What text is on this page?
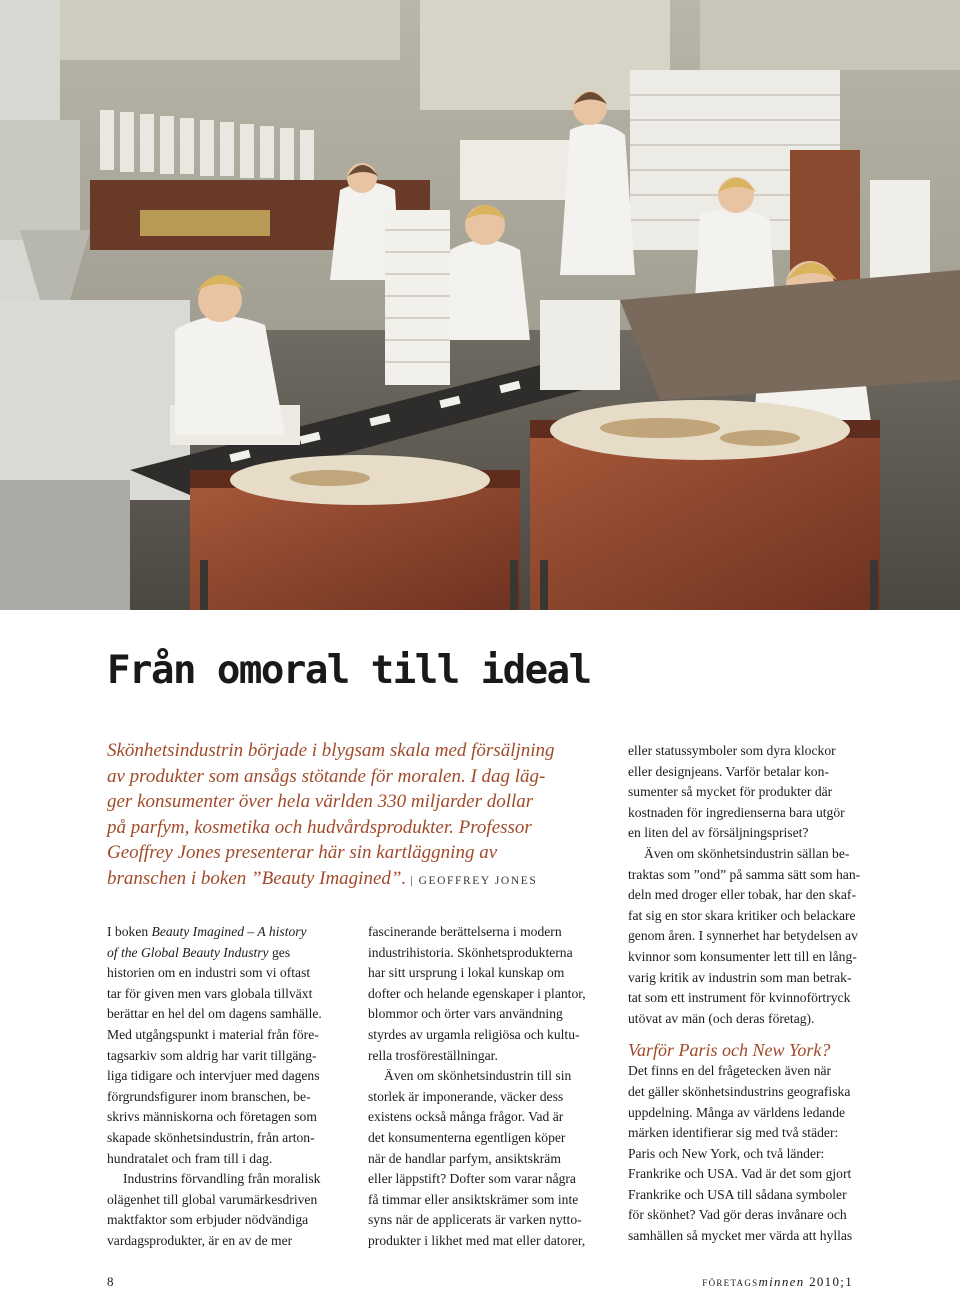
Från omoral till ideal

Skönhetsindustrin började i blygsam skala med försäljning
av produkter som ansågs stötande för moralen. I dag läg-
ger konsumenter över hela världen 330 miljarder dollar
på parfym, kosmetika och hudvårdsprodukter. Professor
Geoffrey Jones presenterar här sin kartläggning av
branschen i boken ”Beauty Imagined”. | GEOFFREY JONES

I boken Beauty Imagined – A history
of the Global Beauty Industry ges
historien om en industri som vi oftast
tar för given men vars globala tillväxt
berättar en hel del om dagens samhälle.
Med utgångspunkt i material från före-
tagsarkiv som aldrig har varit tillgäng-
liga tidigare och intervjuer med dagens
förgrundsfigurer inom branschen, be-
skrivs människorna och företagen som
skapade skönhetsindustrin, från arton-
hundratalet och fram till i dag.
Industrins förvandling från moralisk
olägenhet till global varumärkesdriven
maktfaktor som erbjuder nödvändiga
vardagsprodukter, är en av de mer
fascinerande berättelserna i modern
industrihistoria. Skönhetsprodukterna
har sitt ursprung i lokal kunskap om
dofter och helande egenskaper i plantor,
blommor och örter vars användning
styrdes av urgamla religiösa och kultu-
rella trosföreställningar.
Även om skönhetsindustrin till sin
storlek är imponerande, väcker dess
existens också många frågor. Vad är
det konsumenterna egentligen köper
när de handlar parfym, ansiktskräm
eller läppstift? Dofter som varar några
få timmar eller ansiktskrämer som inte
syns när de applicerats är varken nytto-
produkter i likhet med mat eller datorer,
eller statussymboler som dyra klockor
eller designjeans. Varför betalar kon-
sumenter så mycket för produkter där
kostnaden för ingredienserna bara utgör
en liten del av försäljningspriset?
Även om skönhetsindustrin sällan be-
traktas som ”ond” på samma sätt som han-
deln med droger eller tobak, har den skaf-
fat sig en stor skara kritiker och belackare
genom åren. I synnerhet har betydelsen av
kvinnor som konsumenter lett till en lång-
varig kritik av industrin som man betrak-
tat som ett instrument för kvinnoförtryck
utövat av män (och deras företag).
Varför Paris och New York?
Det finns en del frågetecken även när
det gäller skönhetsindustrins geografiska
uppdelning. Många av världens ledande
märken identifierar sig med två städer:
Paris och New York, och två länder:
Frankrike och USA. Vad är det som gjort
Frankrike och USA till sådana symboler
för skönhet? Vad gör deras invånare och
samhällen så mycket mer värda att hyllas
8	företagsminnen 2010;1
